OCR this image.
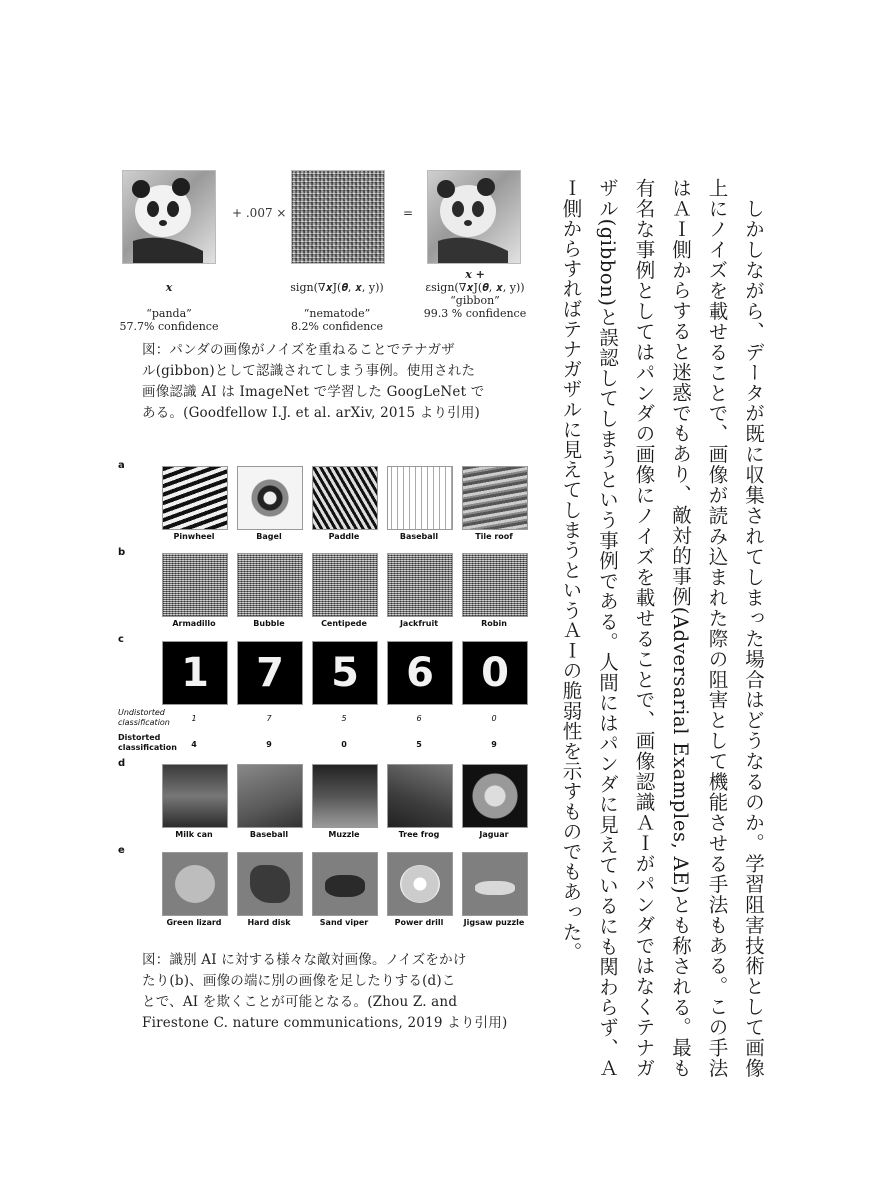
+ .007 ×	=
x
“panda”
57.7% confidence
sign(∇𝒙J(𝜽, 𝒙, y))
“nematode”
8.2% confidence
x +
εsign(∇𝒙J(𝜽, 𝒙, y))
“gibbon”
99.3 % confidence
図：パンダの画像がノイズを重ねることでテナガザ
ル(gibbon)として認識されてしまう事例。使用された
画像認識 AI は ImageNet で学習した GoogLeNet で
ある。(Goodfellow I.J. et al. arXiv, 2015 より引用)
a
Pinwheel	Bagel	Paddle	Baseball	Tile roof
b
Armadillo	Bubble	Centipede	Jackfruit	Robin
c
1	7	5	6	0
Undistorted classification	1	7	5	6	0
Distorted classification	4	9	0	5	9
d
Milk can	Baseball	Muzzle	Tree frog	Jaguar
e
Green lizard	Hard disk	Sand viper	Power drill	Jigsaw puzzle
図：識別 AI に対する様々な敵対画像。ノイズをかけ
たり(b)、画像の端に別の画像を足したりする(d)こ
とで、AI を欺くことが可能となる。(Zhou Z. and
Firestone C. nature communications, 2019 より引用)	　しかしながら、データが既に収集されてしまった場合はどうなるのか。学習阻害技術として画像上にノイズを載せることで、画像が読み込まれた際の阻害として機能させる手法もある。この手法はＡＩ側からすると迷惑でもあり、敵対的事例(Adversarial Examples, AE)とも称される。最も有名な事例としてはパンダの画像にノイズを載せることで、画像認識ＡＩがパンダではなくテナガザル(gibbon)と誤認してしまうという事例である。人間にはパンダに見えているにも関わらず、ＡＩ側からすればテナガザルに見えてしまうというＡＩの脆弱性を示すものでもあった。
